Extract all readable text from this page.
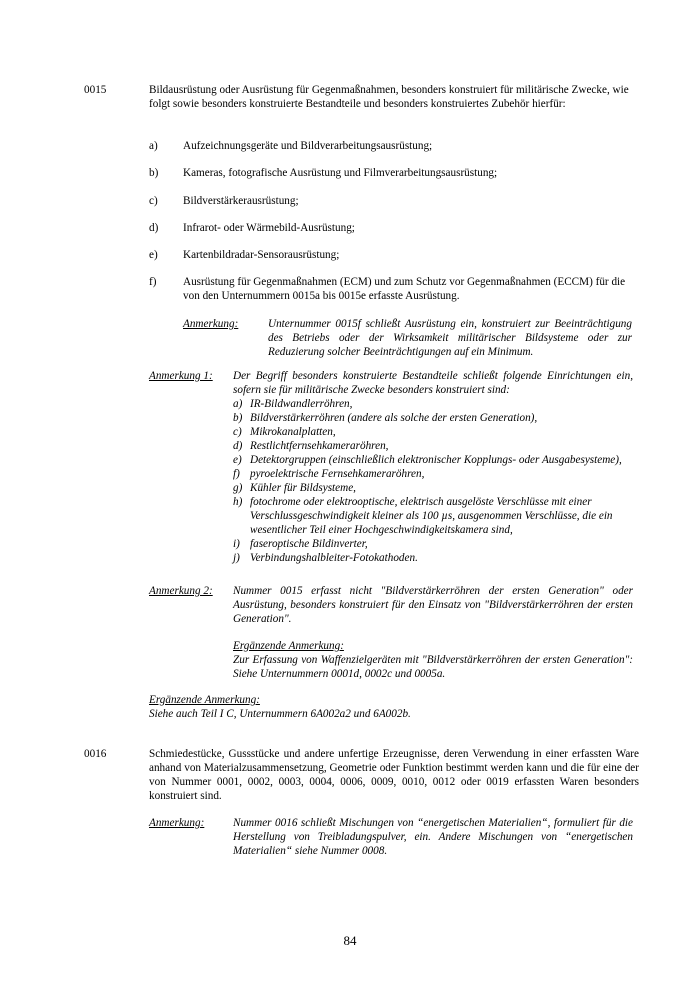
0015	Bildausrüstung oder Ausrüstung für Gegenmaßnahmen, besonders konstruiert für militärische Zwecke, wie folgt sowie besonders konstruierte Bestandteile und besonders konstruiertes Zubehör hierfür:

a) Aufzeichnungsgeräte und Bildverarbeitungsausrüstung;
b) Kameras, fotografische Ausrüstung und Filmverarbeitungsausrüstung;
c) Bildverstärkerausrüstung;
d) Infrarot- oder Wärmebild-Ausrüstung;
e) Kartenbildradar-Sensorausrüstung;
f) Ausrüstung für Gegenmaßnahmen (ECM) und zum Schutz vor Gegenmaßnahmen (ECCM) für die von den Unternummern 0015a bis 0015e erfasste Ausrüstung.
Anmerkung:	Unternummer 0015f schließt Ausrüstung ein, konstruiert zur Beeinträchtigung des Betriebs oder der Wirksamkeit militärischer Bildsysteme oder zur Reduzierung solcher Beeinträchtigungen auf ein Minimum.
Anmerkung 1: Der Begriff besonders konstruierte Bestandteile schließt folgende Einrichtungen ein, sofern sie für militärische Zwecke besonders konstruiert sind:
a) IR-Bildwandlerröhren,
b) Bildverstärkerröhren (andere als solche der ersten Generation),
c) Mikrokanalplatten,
d) Restlichtfernsehkameraröhren,
e) Detektorgruppen (einschließlich elektronischer Kopplungs- oder Ausgabesysteme),
f) pyroelektrische Fernsehkameraröhren,
g) Kühler für Bildsysteme,
h) fotochrome oder elektrooptische, elektrisch ausgelöste Verschlüsse mit einer Verschlussgeschwindigkeit kleiner als 100 µs, ausgenommen Verschlüsse, die ein wesentlicher Teil einer Hochgeschwindigkeitskamera sind,
i) faseroptische Bildinverter,
j) Verbindungshalbleiter-Fotokathoden.
Anmerkung 2: Nummer 0015 erfasst nicht "Bildverstärkerröhren der ersten Generation" oder Ausrüstung, besonders konstruiert für den Einsatz von "Bildverstärkerröhren der ersten Generation".
Ergänzende Anmerkung:
Zur Erfassung von Waffenzielgeräten mit "Bildverstärkerröhren der ersten Generation": Siehe Unternummern 0001d, 0002c und 0005a.
Ergänzende Anmerkung:
Siehe auch Teil I C, Unternummern 6A002a2 und 6A002b.
0016	Schmiedestücke, Gussstücke und andere unfertige Erzeugnisse, deren Verwendung in einer erfassten Ware anhand von Materialzusammensetzung, Geometrie oder Funktion bestimmt werden kann und die für eine der von Nummer 0001, 0002, 0003, 0004, 0006, 0009, 0010, 0012 oder 0019 erfassten Waren besonders konstruiert sind.

Anmerkung:	Nummer 0016 schließt Mischungen von “energetischen Materialien“, formuliert für die Herstellung von Treibladungspulver, ein. Andere Mischungen von “energetischen Materialien“ siehe Nummer 0008.
84
